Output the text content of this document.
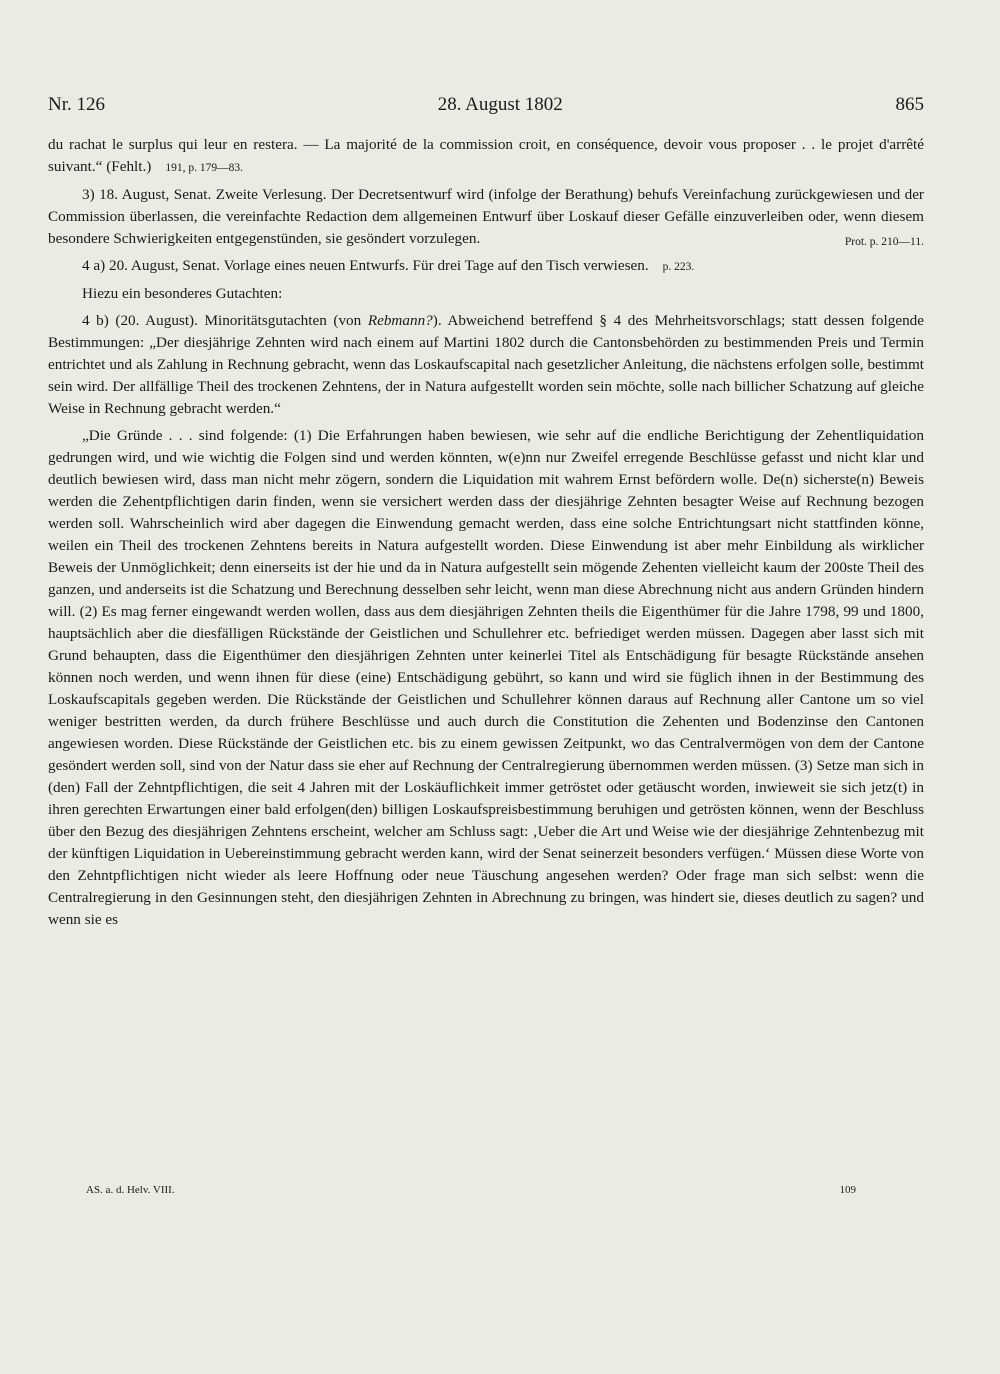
Nr. 126	28. August 1802	865

du rachat le surplus qui leur en restera. — La majorité de la commission croit, en conséquence, devoir vous proposer . . le projet d'arrêté suivant.“ (Fehlt.) 191, p. 179—83.

3) 18. August, Senat. Zweite Verlesung. Der Decretsentwurf wird (infolge der Berathung) behufs Vereinfachung zurückgewiesen und der Commission überlassen, die vereinfachte Redaction dem allgemeinen Entwurf über Loskauf dieser Gefälle einzuverleiben oder, wenn diesem besondere Schwierigkeiten entgegenstünden, sie gesöndert vorzulegen.	Prot. p. 210—11.

4 a) 20. August, Senat. Vorlage eines neuen Entwurfs. Für drei Tage auf den Tisch verwiesen. p. 223.

Hiezu ein besonderes Gutachten:

4 b) (20. August). Minoritätsgutachten (von Rebmann?). Abweichend betreffend § 4 des Mehrheitsvorschlags; statt dessen folgende Bestimmungen: „Der diesjährige Zehnten wird nach einem auf Martini 1802 durch die Cantonsbehörden zu bestimmenden Preis und Termin entrichtet und als Zahlung in Rechnung gebracht, wenn das Loskaufscapital nach gesetzlicher Anleitung, die nächstens erfolgen solle, bestimmt sein wird. Der allfällige Theil des trockenen Zehntens, der in Natura aufgestellt worden sein möchte, solle nach billicher Schatzung auf gleiche Weise in Rechnung gebracht werden.“

„Die Gründe . . . sind folgende: (1) Die Erfahrungen haben bewiesen, wie sehr auf die endliche Berichtigung der Zehentliquidation gedrungen wird, und wie wichtig die Folgen sind und werden könnten, w(e)nn nur Zweifel erregende Beschlüsse gefasst und nicht klar und deutlich bewiesen wird, dass man nicht mehr zögern, sondern die Liquidation mit wahrem Ernst befördern wolle. De(n) sicherste(n) Beweis werden die Zehentpflichtigen darin finden, wenn sie versichert werden dass der diesjährige Zehnten besagter Weise auf Rechnung bezogen werden soll. Wahrscheinlich wird aber dagegen die Einwendung gemacht werden, dass eine solche Entrichtungsart nicht stattfinden könne, weilen ein Theil des trockenen Zehntens bereits in Natura aufgestellt worden. Diese Einwendung ist aber mehr Einbildung als wirklicher Beweis der Unmöglichkeit; denn einerseits ist der hie und da in Natura aufgestellt sein mögende Zehenten vielleicht kaum der 200ste Theil des ganzen, und anderseits ist die Schatzung und Berechnung desselben sehr leicht, wenn man diese Abrechnung nicht aus andern Gründen hindern will. (2) Es mag ferner eingewandt werden wollen, dass aus dem diesjährigen Zehnten theils die Eigenthümer für die Jahre 1798, 99 und 1800, hauptsächlich aber die diesfälligen Rückstände der Geistlichen und Schullehrer etc. befriediget werden müssen. Dagegen aber lasst sich mit Grund behaupten, dass die Eigenthümer den diesjährigen Zehnten unter keinerlei Titel als Entschädigung für besagte Rückstände ansehen können noch werden, und wenn ihnen für diese (eine) Entschädigung gebührt, so kann und wird sie füglich ihnen in der Bestimmung des Loskaufscapitals gegeben werden. Die Rückstände der Geistlichen und Schullehrer können daraus auf Rechnung aller Cantone um so viel weniger bestritten werden, da durch frühere Beschlüsse und auch durch die Constitution die Zehenten und Bodenzinse den Cantonen angewiesen worden. Diese Rückstände der Geistlichen etc. bis zu einem gewissen Zeitpunkt, wo das Centralvermögen von dem der Cantone gesöndert werden soll, sind von der Natur dass sie eher auf Rechnung der Centralregierung übernommen werden müssen. (3) Setze man sich in (den) Fall der Zehntpflichtigen, die seit 4 Jahren mit der Loskäuflichkeit immer getröstet oder getäuscht worden, inwieweit sie sich jetz(t) in ihren gerechten Erwartungen einer bald erfolgen(den) billigen Loskaufspreisbestimmung beruhigen und getrösten können, wenn der Beschluss über den Bezug des diesjährigen Zehntens erscheint, welcher am Schluss sagt: ‚Ueber die Art und Weise wie der diesjährige Zehntenbezug mit der künftigen Liquidation in Uebereinstimmung gebracht werden kann, wird der Senat seinerzeit besonders verfügen.‘ Müssen diese Worte von den Zehntpflichtigen nicht wieder als leere Hoffnung oder neue Täuschung angesehen werden? Oder frage man sich selbst: wenn die Centralregierung in den Gesinnungen steht, den diesjährigen Zehnten in Abrechnung zu bringen, was hindert sie, dieses deutlich zu sagen? und wenn sie es

AS. a. d. Helv. VIII.	109
